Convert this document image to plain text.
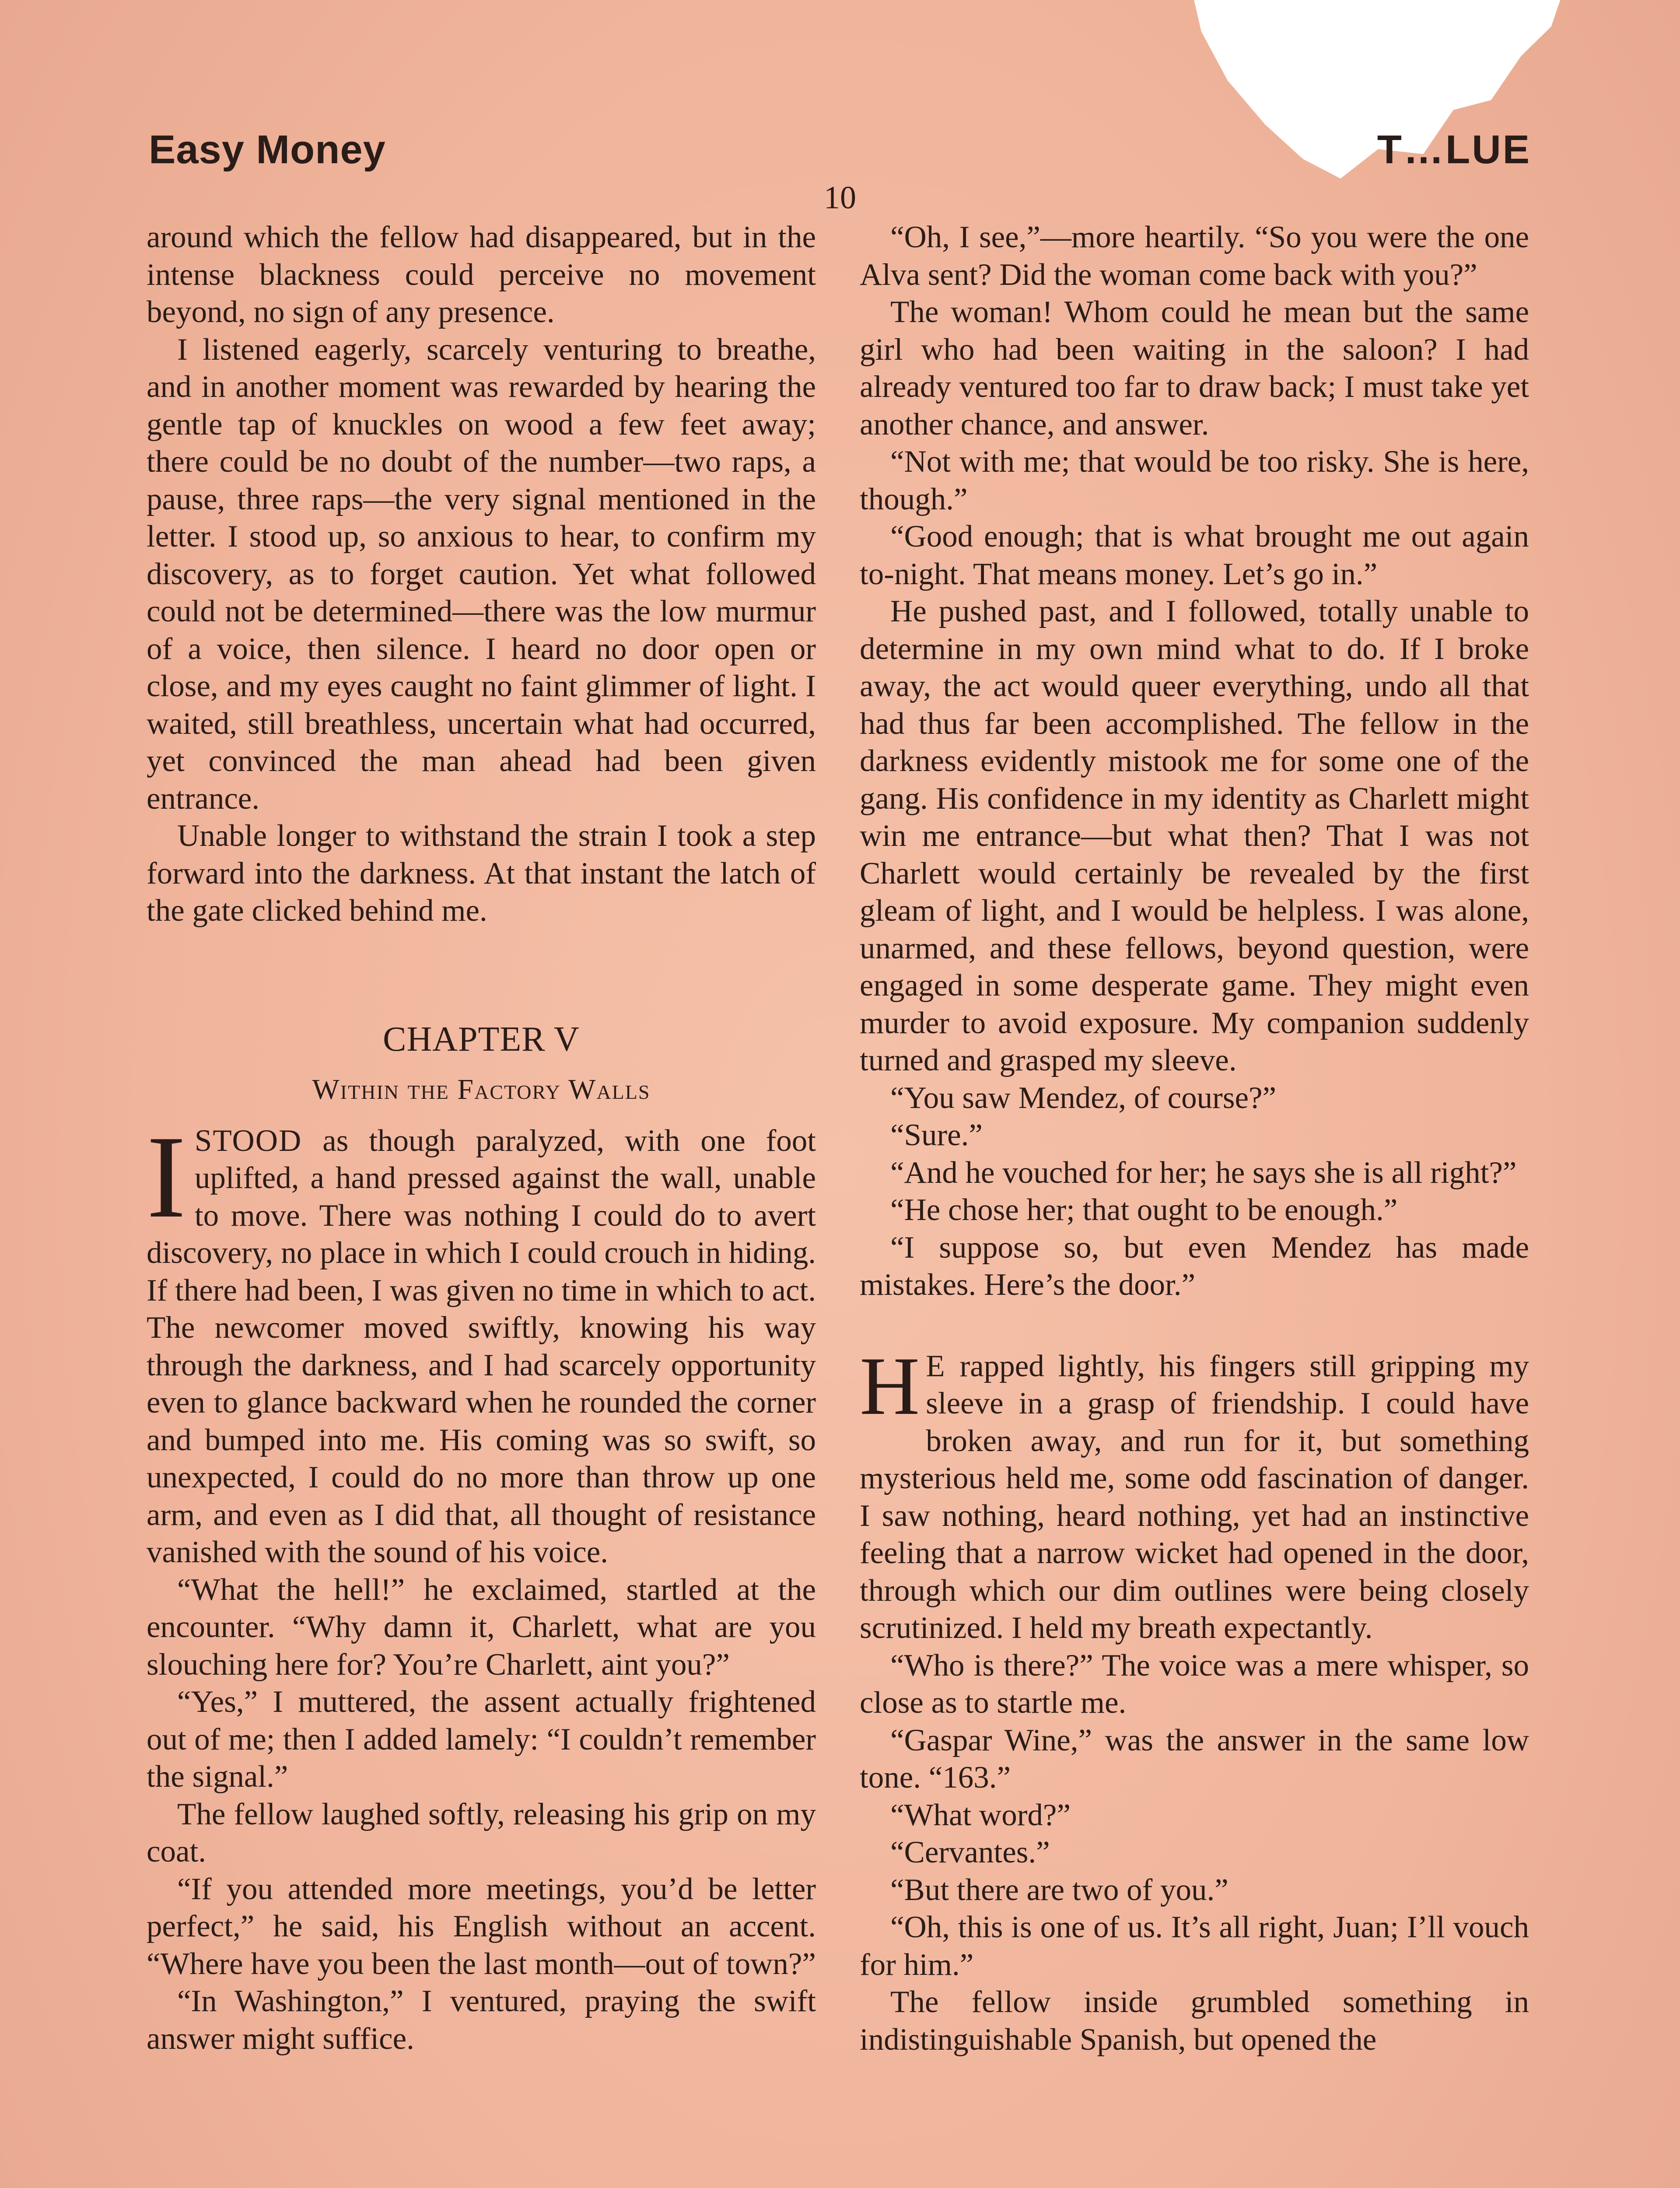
Easy Money	T…LUE
10

around which the fellow had disappeared, but in the intense blackness could perceive no movement beyond, no sign of any presence.

I listened eagerly, scarcely venturing to breathe, and in another moment was rewarded by hearing the gentle tap of knuckles on wood a few feet away; there could be no doubt of the number—two raps, a pause, three raps—the very signal mentioned in the letter. I stood up, so anxious to hear, to confirm my discovery, as to forget caution. Yet what followed could not be determined—there was the low murmur of a voice, then silence. I heard no door open or close, and my eyes caught no faint glimmer of light. I waited, still breathless, uncertain what had occurred, yet convinced the man ahead had been given entrance.

Unable longer to withstand the strain I took a step forward into the darkness. At that instant the latch of the gate clicked behind me.

CHAPTER V
Within the Factory Walls

ISTOOD as though paralyzed, with one foot uplifted, a hand pressed against the wall, unable to move. There was nothing I could do to avert discovery, no place in which I could crouch in hiding. If there had been, I was given no time in which to act. The newcomer moved swiftly, knowing his way through the darkness, and I had scarcely opportunity even to glance backward when he rounded the corner and bumped into me. His coming was so swift, so unexpected, I could do no more than throw up one arm, and even as I did that, all thought of resistance vanished with the sound of his voice.

“What the hell!” he exclaimed, startled at the encounter. “Why damn it, Charlett, what are you slouching here for? You’re Charlett, aint you?”

“Yes,” I muttered, the assent actually frightened out of me; then I added lamely: “I couldn’t remember the signal.”

The fellow laughed softly, releasing his grip on my coat.

“If you attended more meetings, you’d be letter perfect,” he said, his English without an accent. “Where have you been the last month—out of town?”

“In Washington,” I ventured, praying the swift answer might suffice.

“Oh, I see,”—more heartily. “So you were the one Alva sent? Did the woman come back with you?”

The woman! Whom could he mean but the same girl who had been waiting in the saloon? I had already ventured too far to draw back; I must take yet another chance, and answer.

“Not with me; that would be too risky. She is here, though.”

“Good enough; that is what brought me out again to-night. That means money. Let’s go in.”

He pushed past, and I followed, totally unable to determine in my own mind what to do. If I broke away, the act would queer everything, undo all that had thus far been accomplished. The fellow in the darkness evidently mistook me for some one of the gang. His confidence in my identity as Charlett might win me entrance—but what then? That I was not Charlett would certainly be revealed by the first gleam of light, and I would be helpless. I was alone, unarmed, and these fellows, beyond question, were engaged in some desperate game. They might even murder to avoid exposure. My companion suddenly turned and grasped my sleeve.

“You saw Mendez, of course?”

“Sure.”

“And he vouched for her; he says she is all right?”

“He chose her; that ought to be enough.”

“I suppose so, but even Mendez has made mistakes. Here’s the door.”

H E rapped lightly, his fingers still gripping my sleeve in a grasp of friendship. I could have broken away, and run for it, but something mysterious held me, some odd fascination of danger. I saw nothing, heard nothing, yet had an instinctive feeling that a narrow wicket had opened in the door, through which our dim outlines were being closely scrutinized. I held my breath expectantly.

“Who is there?” The voice was a mere whisper, so close as to startle me.

“Gaspar Wine,” was the answer in the same low tone. “163.”

“What word?”

“Cervantes.”

“But there are two of you.”

“Oh, this is one of us. It’s all right, Juan; I’ll vouch for him.”

The fellow inside grumbled something in indistinguishable Spanish, but opened the
